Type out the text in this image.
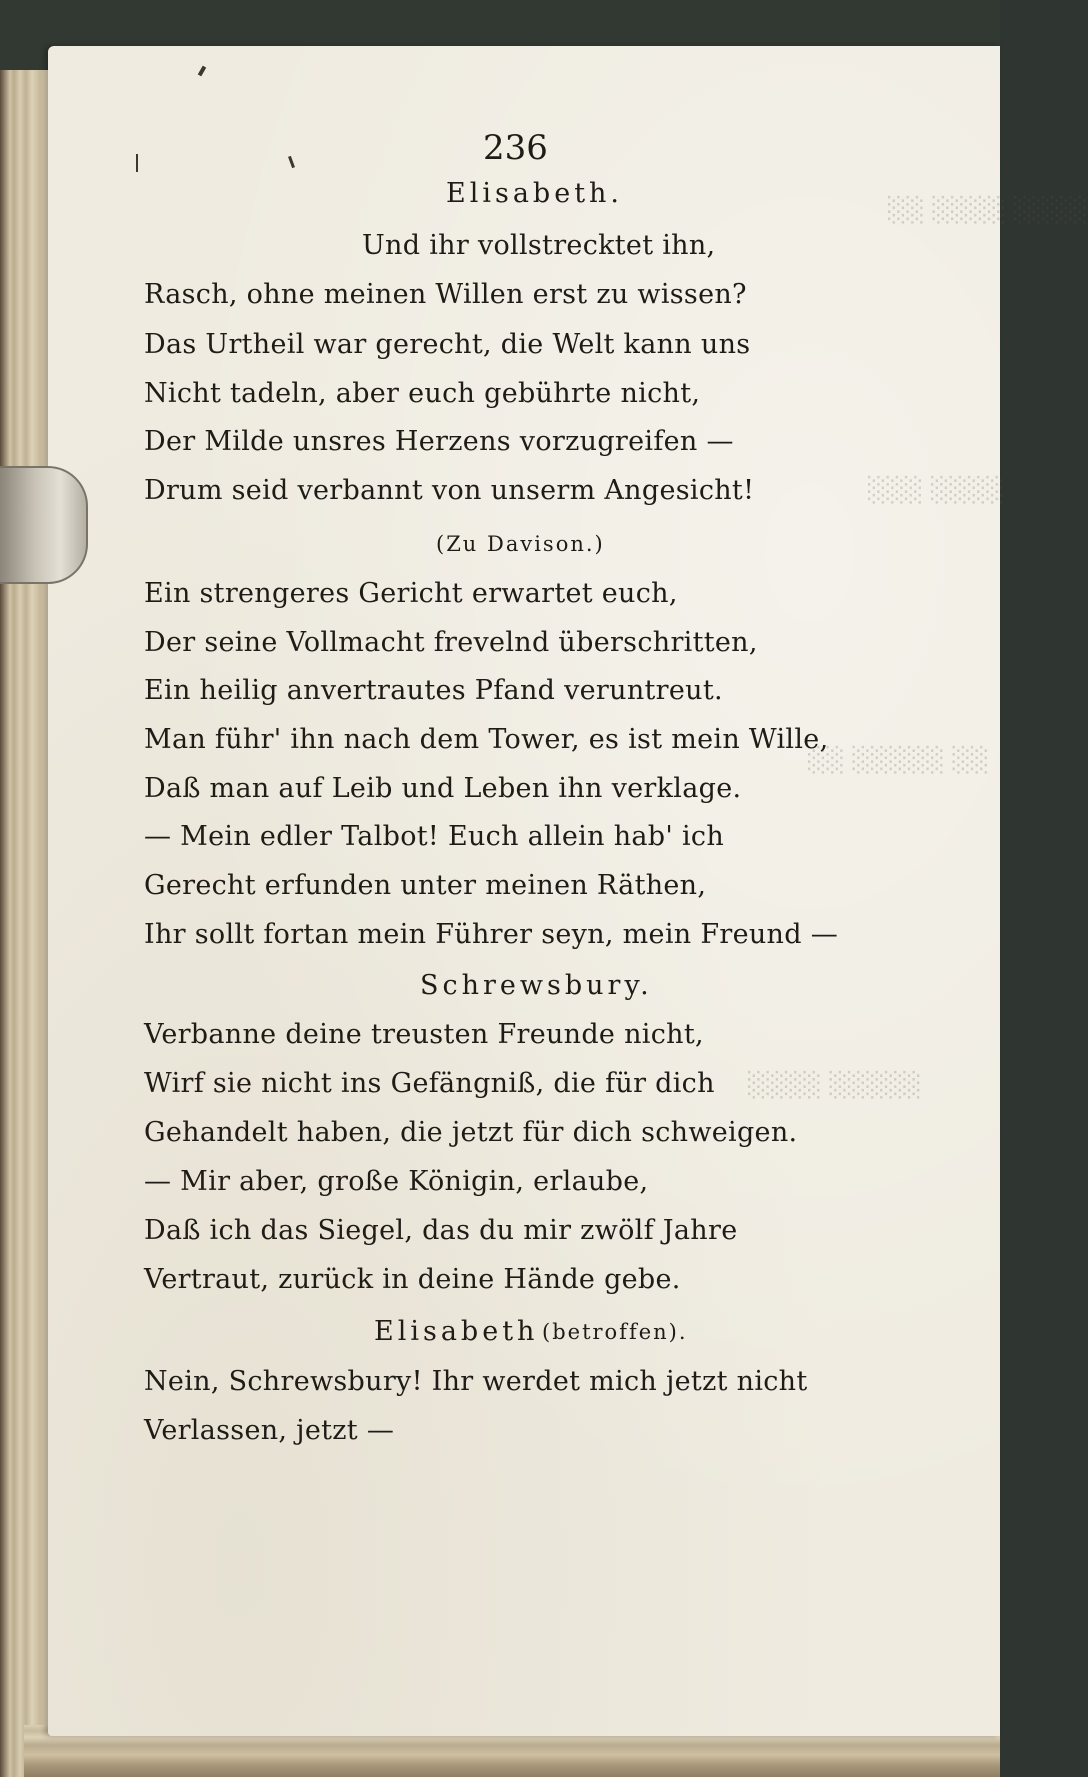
░░ ░░░░ ░░░░
░░░ ░░░░
░░ ░░░░░ ░░
░░░░ ░░░░░
236
Elisabeth.
Und ihr vollstrecktet ihn,
Rasch, ohne meinen Willen erst zu wissen?
Das Urtheil war gerecht, die Welt kann uns
Nicht tadeln, aber euch gebührte nicht,
Der Milde unsres Herzens vorzugreifen —
Drum seid verbannt von unserm Angesicht!
(Zu Davison.)
Ein strengeres Gericht erwartet euch,
Der seine Vollmacht frevelnd überschritten,
Ein heilig anvertrautes Pfand veruntreut.
Man führ' ihn nach dem Tower, es ist mein Wille,
Daß man auf Leib und Leben ihn verklage.
— Mein edler Talbot! Euch allein hab' ich
Gerecht erfunden unter meinen Räthen,
Ihr sollt fortan mein Führer seyn, mein Freund —
Schrewsbury.
Verbanne deine treusten Freunde nicht,
Wirf sie nicht ins Gefängniß, die für dich
Gehandelt haben, die jetzt für dich schweigen.
— Mir aber, große Königin, erlaube,
Daß ich das Siegel, das du mir zwölf Jahre
Vertraut, zurück in deine Hände gebe.
Elisabeth (betroffen).
Nein, Schrewsbury! Ihr werdet mich jetzt nicht
Verlassen, jetzt —
